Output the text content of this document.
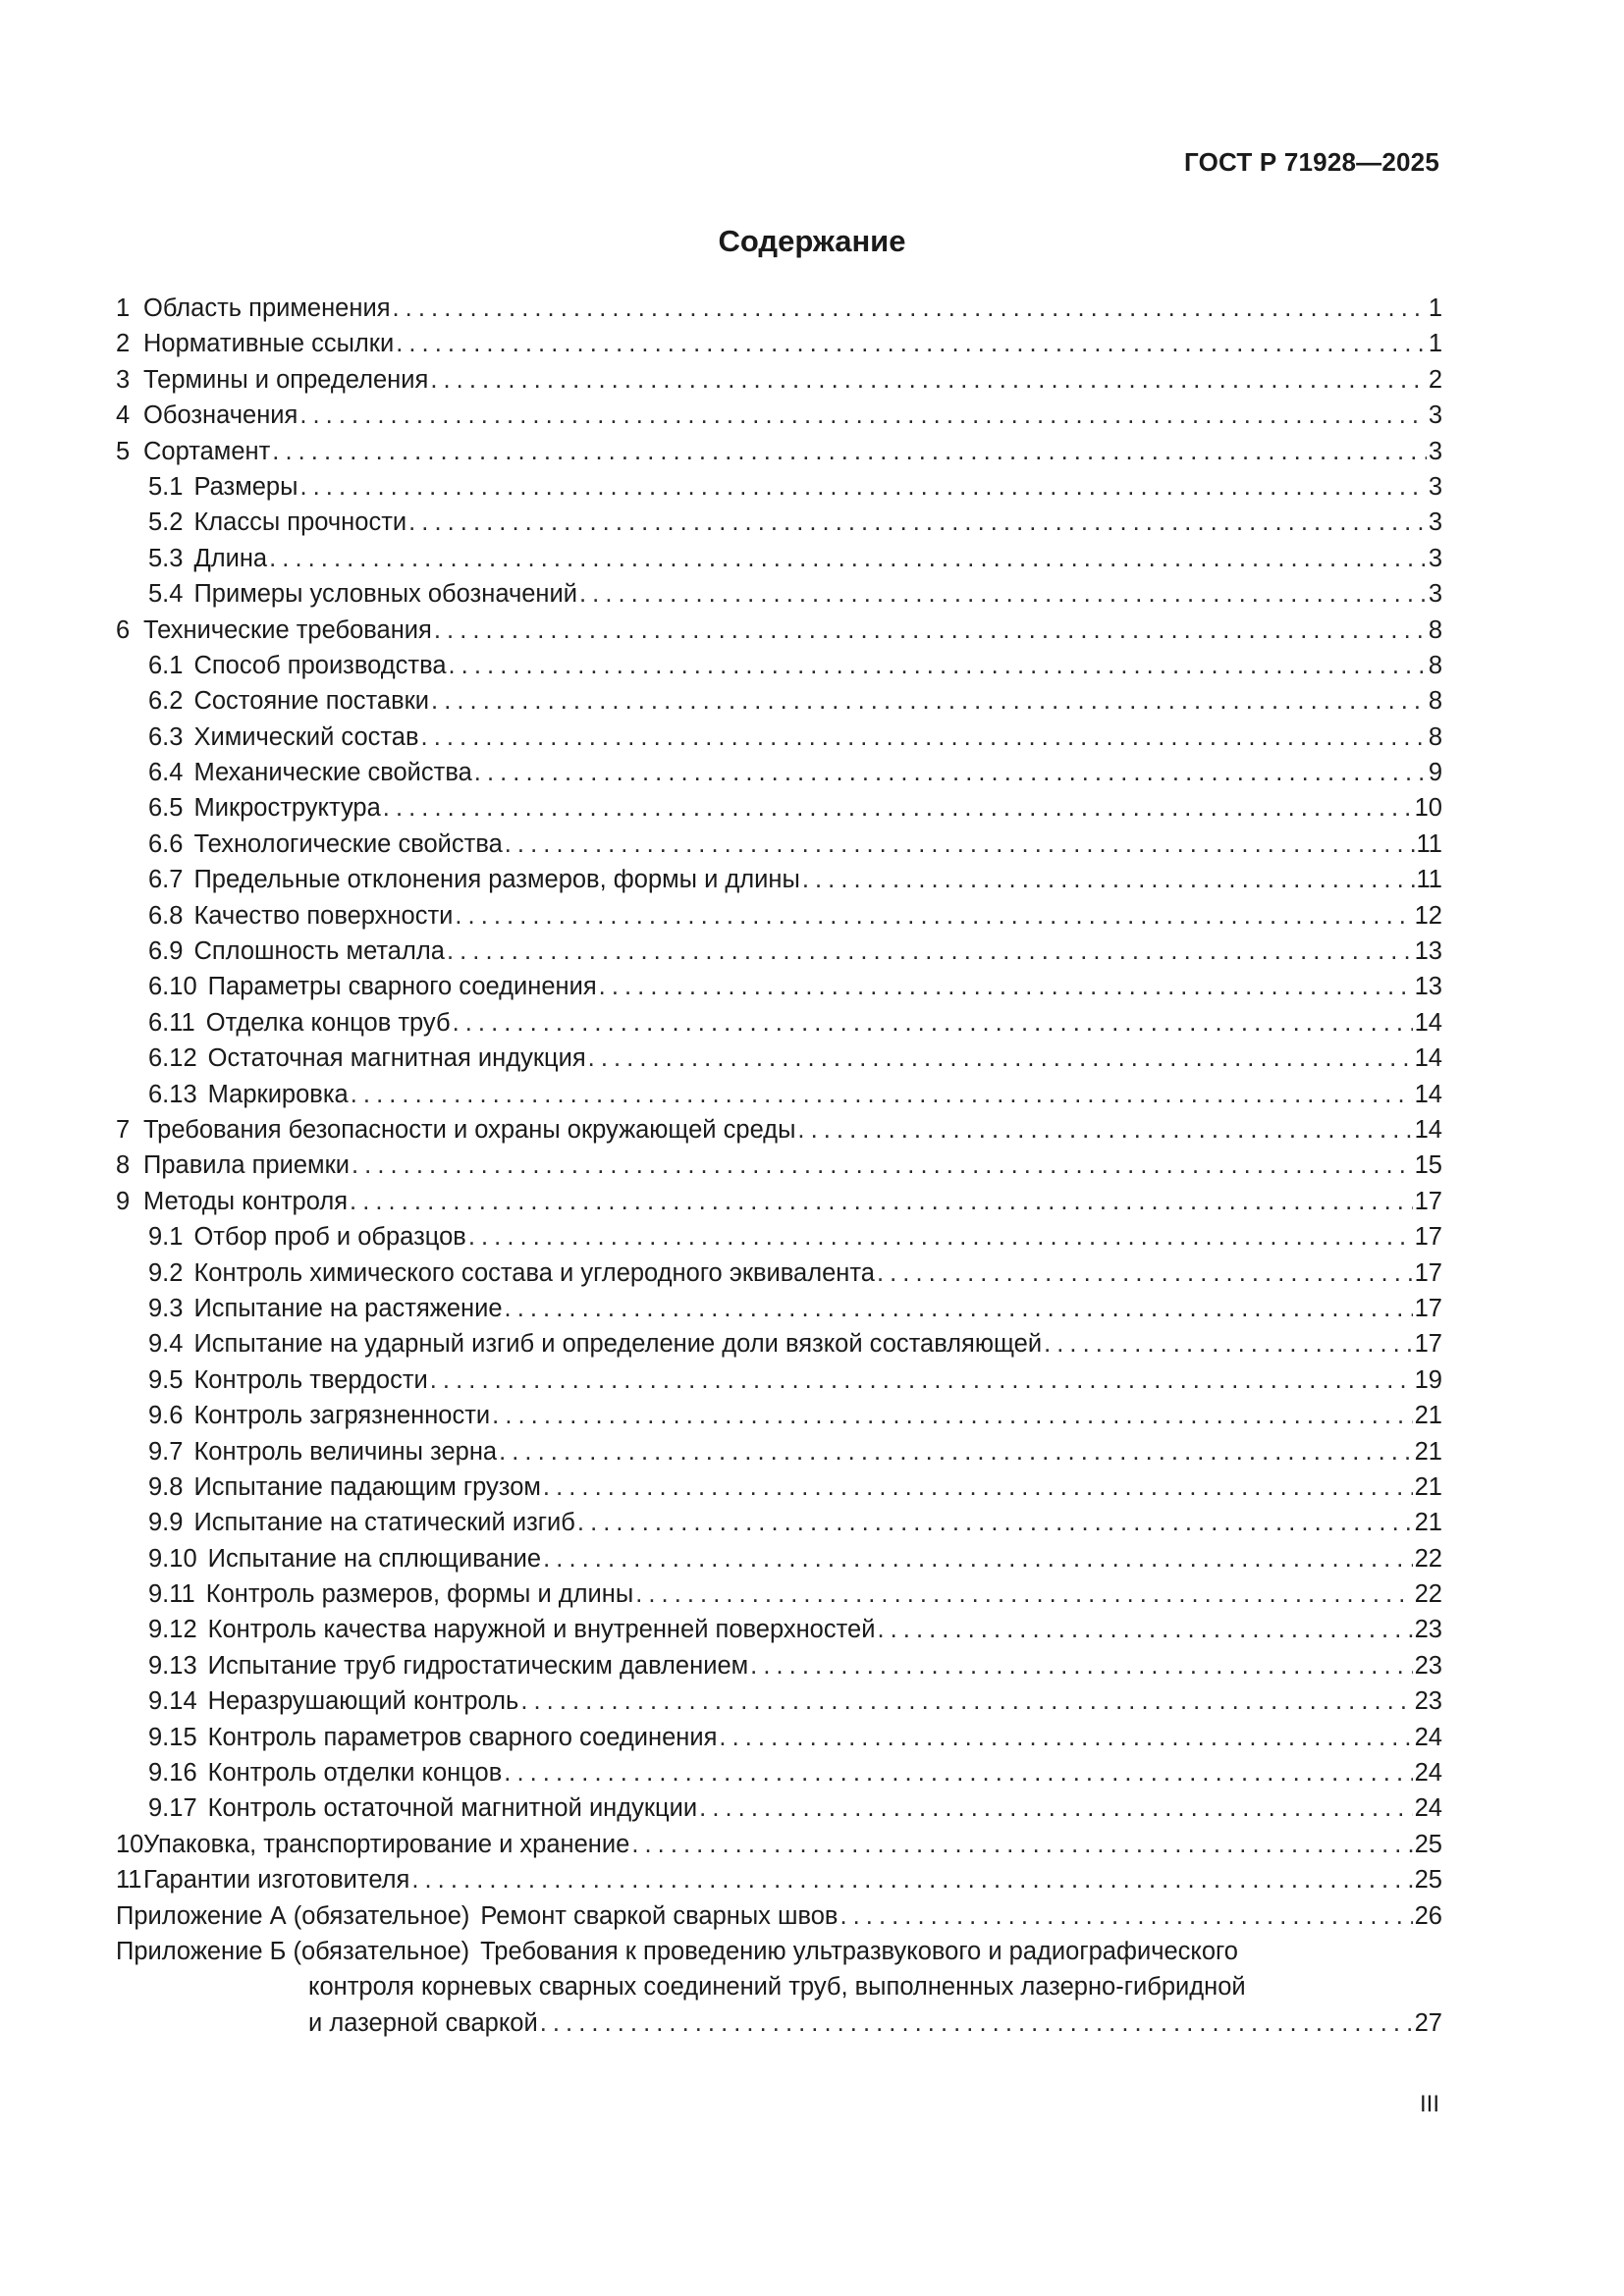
ГОСТ Р 71928—2025
Содержание
1 Область применения . . .	1
2 Нормативные ссылки . . .	1
3 Термины и определения . . .	2
4 Обозначения . . .	3
5 Сортамент . . .	3
5.1 Размеры . . .	3
5.2 Классы прочности . . .	3
5.3 Длина . . .	3
5.4 Примеры условных обозначений . . .	3
6 Технические требования . . .	8
6.1 Способ производства . . .	8
6.2 Состояние поставки . . .	8
6.3 Химический состав . . .	8
6.4 Механические свойства . . .	9
6.5 Микроструктура . . .	10
6.6 Технологические свойства . . .	11
6.7 Предельные отклонения размеров, формы и длины . . .	11
6.8 Качество поверхности . . .	12
6.9 Сплошность металла . . .	13
6.10 Параметры сварного соединения . . .	13
6.11 Отделка концов труб . . .	14
6.12 Остаточная магнитная индукция . . .	14
6.13 Маркировка . . .	14
7 Требования безопасности и охраны окружающей среды . . .	14
8 Правила приемки . . .	15
9 Методы контроля . . .	17
9.1 Отбор проб и образцов . . .	17
9.2 Контроль химического состава и углеродного эквивалента . . .	17
9.3 Испытание на растяжение . . .	17
9.4 Испытание на ударный изгиб и определение доли вязкой составляющей . . .	17
9.5 Контроль твердости . . .	19
9.6 Контроль загрязненности . . .	21
9.7 Контроль величины зерна . . .	21
9.8 Испытание падающим грузом . . .	21
9.9 Испытание на статический изгиб . . .	21
9.10 Испытание на сплющивание . . .	22
9.11 Контроль размеров, формы и длины . . .	22
9.12 Контроль качества наружной и внутренней поверхностей . . .	23
9.13 Испытание труб гидростатическим давлением . . .	23
9.14 Неразрушающий контроль . . .	23
9.15 Контроль параметров сварного соединения . . .	24
9.16 Контроль отделки концов . . .	24
9.17 Контроль остаточной магнитной индукции . . .	24
10 Упаковка, транспортирование и хранение . . .	25
11 Гарантии изготовителя . . .	25
Приложение А (обязательное) Ремонт сваркой сварных швов . . .	26
Приложение Б (обязательное) Требования к проведению ультразвукового и радиографического
контроля корневых сварных соединений труб, выполненных лазерно-гибридной
и лазерной сваркой . . .	27
III
